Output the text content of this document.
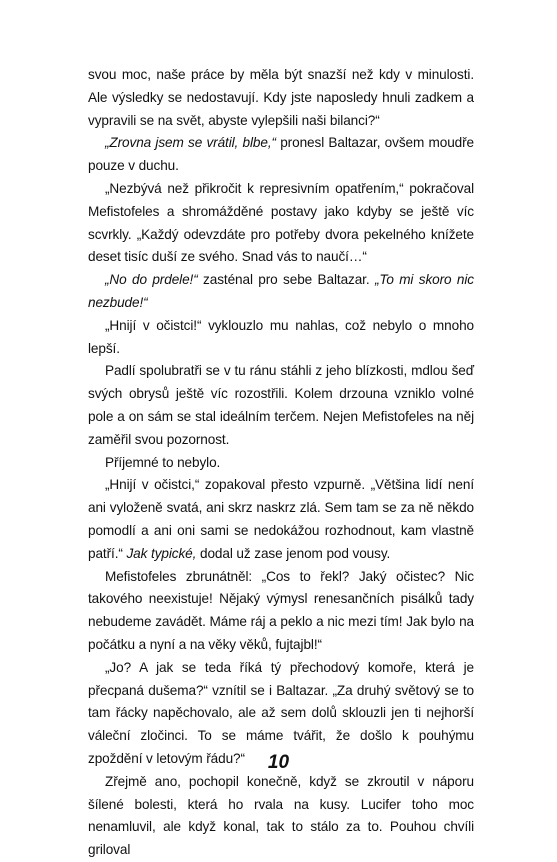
svou moc, naše práce by měla být snazší než kdy v minulosti. Ale výsledky se nedostavují. Kdy jste naposledy hnuli zadkem a vypravili se na svět, abyste vylepšili naši bilanci?“

„Zrovna jsem se vrátil, blbe,“ pronesl Baltazar, ovšem moudře pouze v duchu.

„Nezbývá než přikročit k represivním opatřením,“ pokračoval Mefistofeles a shromážděné postavy jako kdyby se ještě víc scvrkly. „Každý odevzdáte pro potřeby dvora pekelného knížete deset tisíc duší ze svého. Snad vás to naučí…“

„No do prdele!“ zasténal pro sebe Baltazar. „To mi skoro nic nezbude!“

„Hnijí v očistci!“ vyklouzlo mu nahlas, což nebylo o mnoho lepší.

Padlí spolubratři se v tu ránu stáhli z jeho blízkosti, mdlou šeď svých obrysů ještě víc rozostřili. Kolem drzouna vzniklo volné pole a on sám se stal ideálním terčem. Nejen Mefistofeles na něj zaměřil svou pozornost.

Příjemné to nebylo.

„Hnijí v očistci,“ zopakoval přesto vzpurně. „Většina lidí není ani vyloženě svatá, ani skrz naskrz zlá. Sem tam se za ně někdo pomodlí a ani oni sami se nedokážou rozhodnout, kam vlastně patří.“ Jak typické, dodal už zase jenom pod vousy.

Mefistofeles zbrunátněl: „Cos to řekl? Jaký očistec? Nic takového neexistuje! Nějaký výmysl renesančních pisálků tady nebudeme zavádět. Máme ráj a peklo a nic mezi tím! Jak bylo na počátku a nyní a na věky věků, fujtajbl!“

„Jo? A jak se teda říká tý přechodový komoře, která je přecpaná dušema?“ vznítil se i Baltazar. „Za druhý světový se to tam řácky napěchovalo, ale až sem dolů sklouzli jen ti nejhorší váleční zločinci. To se máme tvářit, že došlo k pouhýmu zpoždění v letovým řádu?“

Zřejmě ano, pochopil konečně, když se zkroutil v náporu šílené bolesti, která ho rvala na kusy. Lucifer toho moc nenamluvil, ale když konal, tak to stálo za to. Pouhou chvíli griloval

10
